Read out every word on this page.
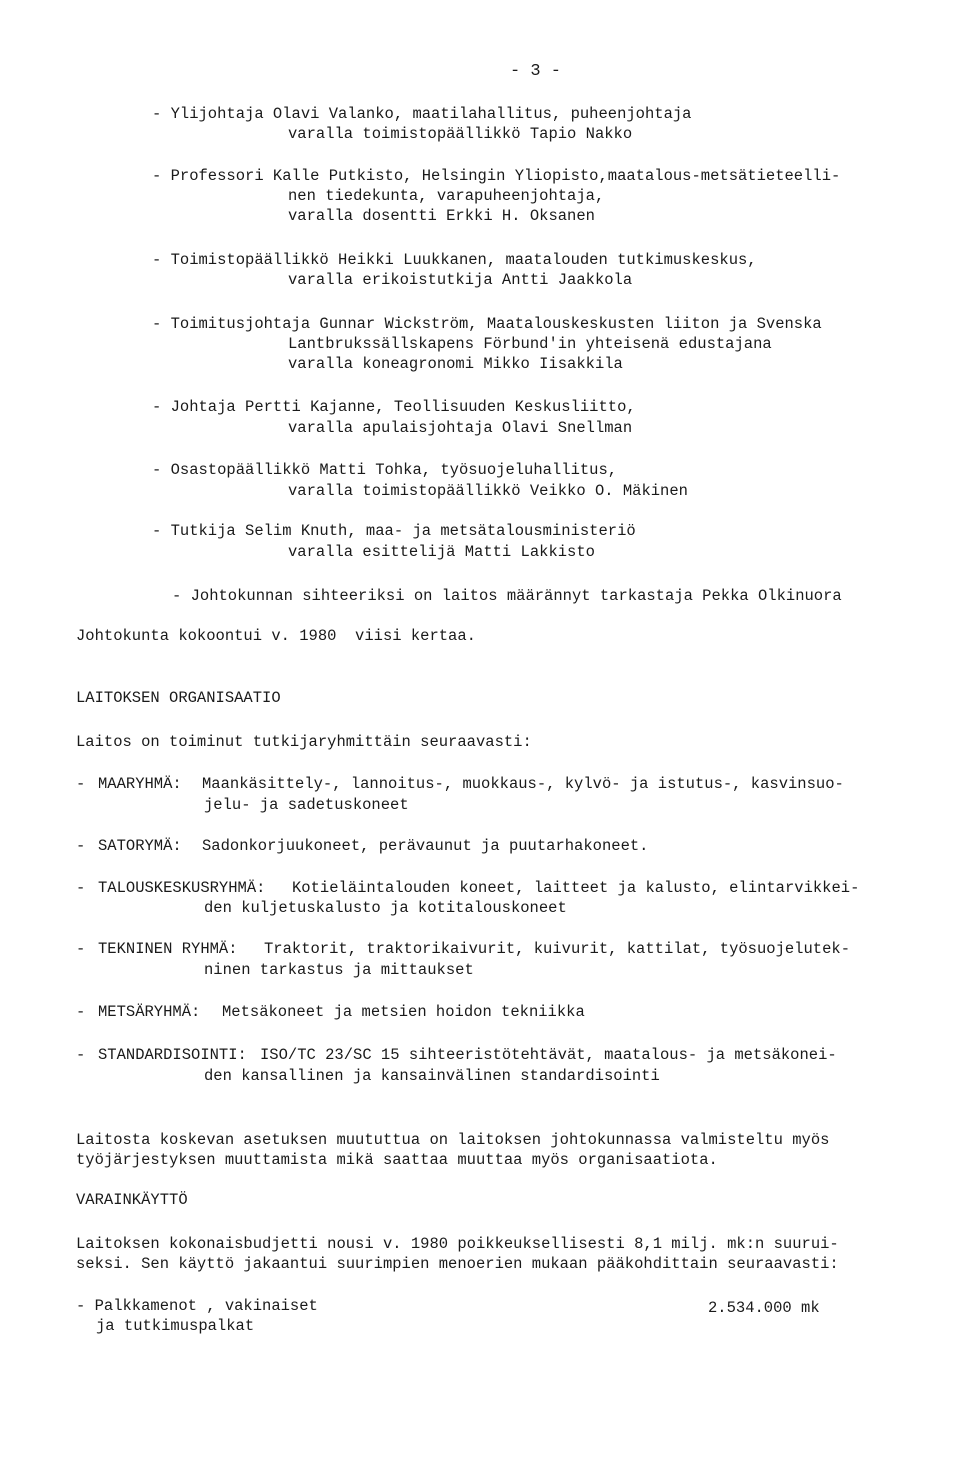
- 3 -
- Ylijohtaja Olavi Valanko, maatilahallitus, puheenjohtaja
varalla toimistopäällikkö Tapio Nakko
- Professori Kalle Putkisto, Helsingin Yliopisto,maatalous-metsätieteelli-
nen tiedekunta, varapuheenjohtaja,
varalla dosentti Erkki H. Oksanen
- Toimistopäällikkö Heikki Luukkanen, maatalouden tutkimuskeskus,
varalla erikoistutkija Antti Jaakkola
- Toimitusjohtaja Gunnar Wickström, Maatalouskeskusten liiton ja Svenska
Lantbrukssällskapens Förbund'in yhteisenä edustajana
varalla koneagronomi Mikko Iisakkila
- Johtaja Pertti Kajanne, Teollisuuden Keskusliitto,
varalla apulaisjohtaja Olavi Snellman
- Osastopäällikkö Matti Tohka, työsuojeluhallitus,
varalla toimistopäällikkö Veikko O. Mäkinen
- Tutkija Selim Knuth, maa- ja metsätalousministeriö
varalla esittelijä Matti Lakkisto
- Johtokunnan sihteeriksi on laitos määrännyt tarkastaja Pekka Olkinuora
Johtokunta kokoontui v. 1980  viisi kertaa.
LAITOKSEN ORGANISAATIO
Laitos on toiminut tutkijaryhmittäin seuraavasti:
- MAARYHMÄ: Maankäsittely-, lannoitus-, muokkaus-, kylvö- ja istutus-, kasvinsuo-
jelu- ja sadetuskoneet
- SATORYMÄ: Sadonkorjuukoneet, perävaunut ja puutarhakoneet.
- TALOUSKESKUSRYHMÄ: Kotieläintalouden koneet, laitteet ja kalusto, elintarvikkei-
den kuljetuskalusto ja kotitalouskoneet
- TEKNINEN RYHMÄ: Traktorit, traktorikaivurit, kuivurit, kattilat, työsuojelutek-
ninen tarkastus ja mittaukset
- METSÄRYHMÄ: Metsäkoneet ja metsien hoidon tekniikka
- STANDARDISOINTI: ISO/TC 23/SC 15 sihteeristötehtävät, maatalous- ja metsäkonei-
den kansallinen ja kansainvälinen standardisointi
Laitosta koskevan asetuksen muututtua on laitoksen johtokunnassa valmisteltu myös
työjärjestyksen muuttamista mikä saattaa muuttaa myös organisaatiota.
VARAINKÄYTTÖ
Laitoksen kokonaisbudjetti nousi v. 1980 poikkeuksellisesti 8,1 milj. mk:n suurui-
seksi. Sen käyttö jakaantui suurimpien menoerien mukaan pääkohdittain seuraavasti:
- Palkkamenot , vakinaiset
ja tutkimuspalkat
2.534.000 mk
